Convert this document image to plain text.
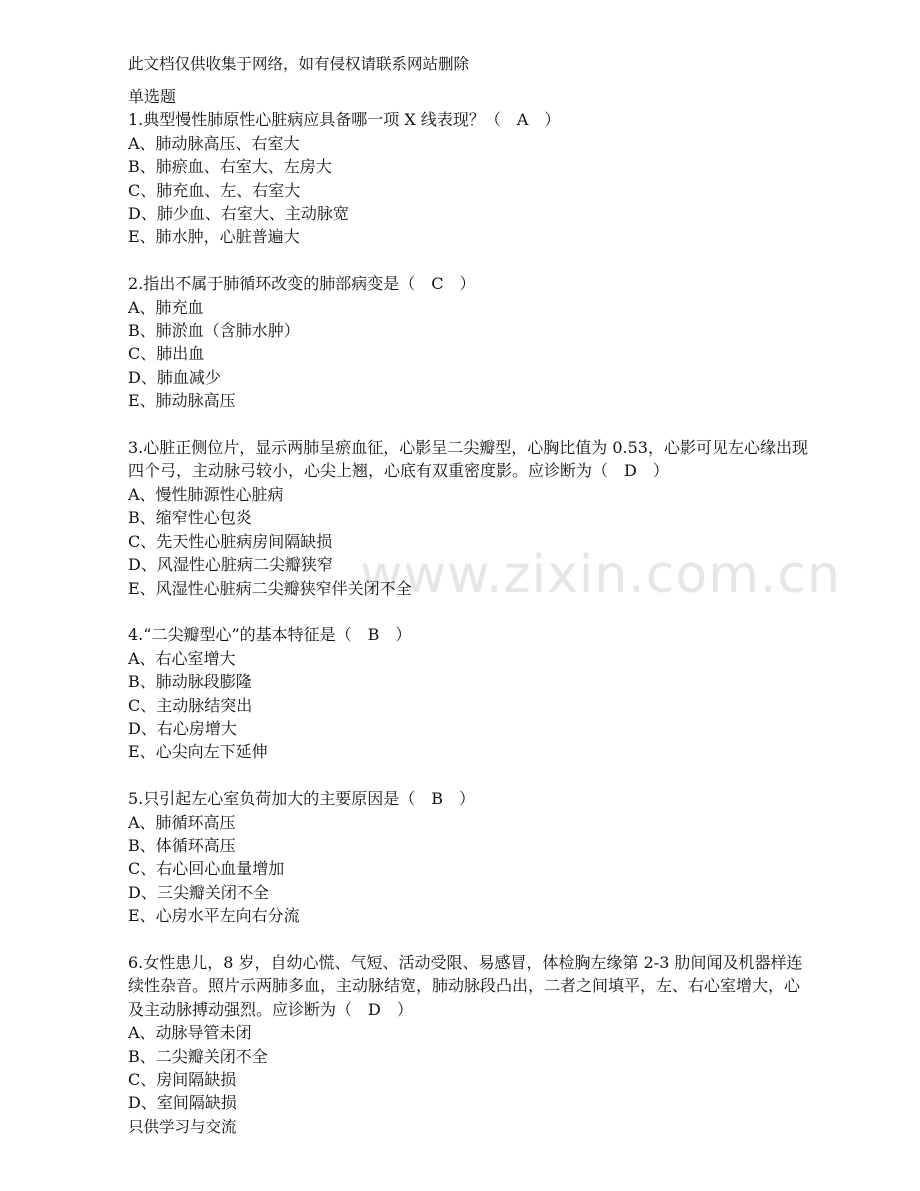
此文档仅供收集于网络，如有侵权请联系网站删除
www.zixin.com.cn
单选题
1.典型慢性肺原性心脏病应具备哪一项 X 线表现？（　A　）
A、肺动脉高压、右室大
B、肺瘀血、右室大、左房大
C、肺充血、左、右室大
D、肺少血、右室大、主动脉宽
E、肺水肿，心脏普遍大
2.指出不属于肺循环改变的肺部病变是（　C　）
A、肺充血
B、肺淤血（含肺水肿）
C、肺出血
D、肺血减少
E、肺动脉高压
3.心脏正侧位片，显示两肺呈瘀血征，心影呈二尖瓣型，心胸比值为 0.53，心影可见左心缘出现四个弓，主动脉弓较小，心尖上翘，心底有双重密度影。应诊断为（　D　）
A、慢性肺源性心脏病
B、缩窄性心包炎
C、先天性心脏病房间隔缺损
D、风湿性心脏病二尖瓣狭窄
E、风湿性心脏病二尖瓣狭窄伴关闭不全
4.“二尖瓣型心”的基本特征是（　B　）
A、右心室增大
B、肺动脉段膨隆
C、主动脉结突出
D、右心房增大
E、心尖向左下延伸
5.只引起左心室负荷加大的主要原因是（　B　）
A、肺循环高压
B、体循环高压
C、右心回心血量增加
D、三尖瓣关闭不全
E、心房水平左向右分流
6.女性患儿，8 岁，自幼心慌、气短、活动受限、易感冒，体检胸左缘第 2-3 肋间闻及机器样连续性杂音。照片示两肺多血，主动脉结宽，肺动脉段凸出，二者之间填平，左、右心室增大，心及主动脉搏动强烈。应诊断为（　D　）
A、动脉导管未闭
B、二尖瓣关闭不全
C、房间隔缺损
D、室间隔缺损
只供学习与交流
